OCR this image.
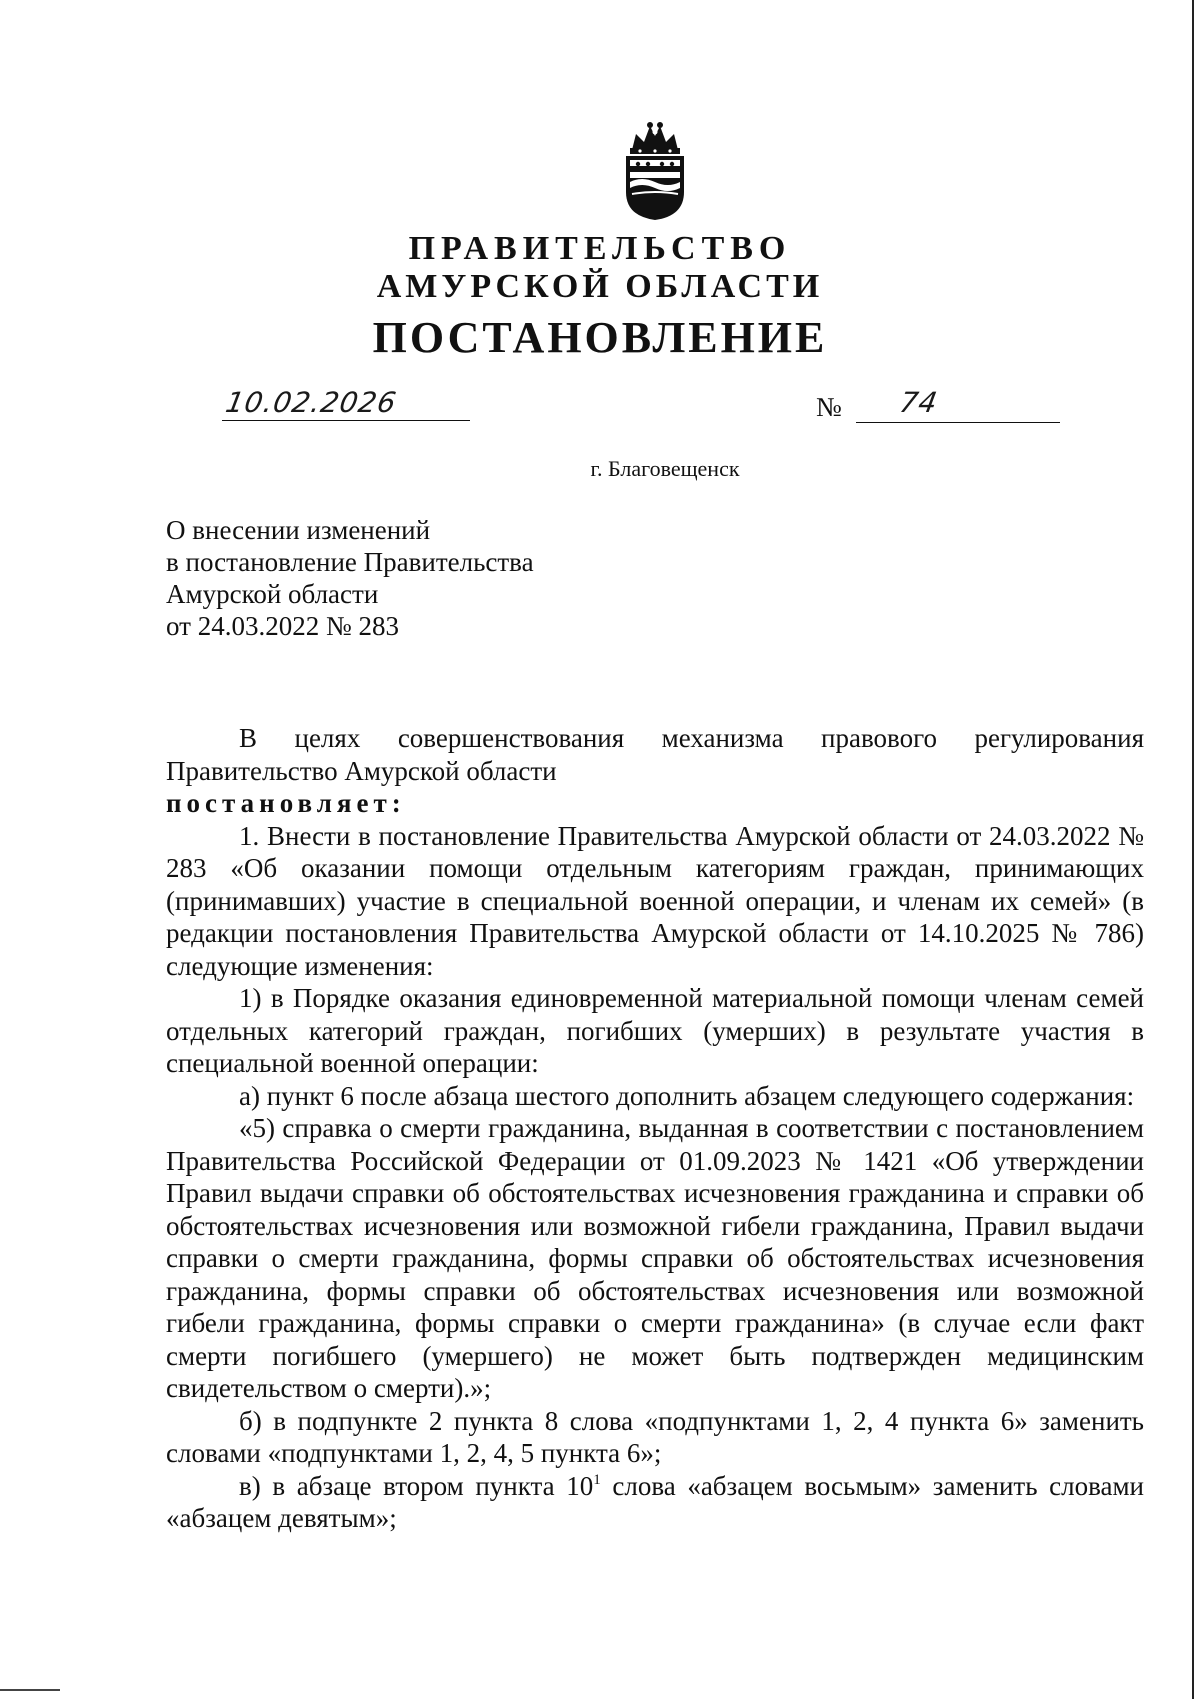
ПРАВИТЕЛЬСТВО
АМУРСКОЙ ОБЛАСТИ
ПОСТАНОВЛЕНИЕ
10.02.2026	№ 74
г. Благовещенск
О внесении изменений
в постановление Правительства
Амурской области
от 24.03.2022 № 283

В целях совершенствования механизма правового регулирования

Правительство Амурской области

постановляет:

1. Внести в постановление Правительства Амурской области от 24.03.2022 № 283 «Об оказании помощи отдельным категориям граждан, принимающих (принимавших) участие в специальной военной операции, и членам их семей» (в редакции постановления Правительства Амурской области от 14.10.2025 № 786) следующие изменения:

1) в Порядке оказания единовременной материальной помощи членам семей отдельных категорий граждан, погибших (умерших) в результате участия в специальной военной операции:

а) пункт 6 после абзаца шестого дополнить абзацем следующего содержания:

«5) справка о смерти гражданина, выданная в соответствии с постановлением Правительства Российской Федерации от 01.09.2023 № 1421 «Об утверждении Правил выдачи справки об обстоятельствах исчезновения гражданина и справки об обстоятельствах исчезновения или возможной гибели гражданина, Правил выдачи справки о смерти гражданина, формы справки об обстоятельствах исчезновения гражданина, формы справки об обстоятельствах исчезновения или возможной гибели гражданина, формы справки о смерти гражданина» (в случае если факт смерти погибшего (умершего) не может быть подтвержден медицинским свидетельством о смерти).»;

б) в подпункте 2 пункта 8 слова «подпунктами 1, 2, 4 пункта 6» заменить словами «подпунктами 1, 2, 4, 5 пункта 6»;

в) в абзаце втором пункта $10^1$ слова «абзацем восьмым» заменить словами «абзацем девятым»;
